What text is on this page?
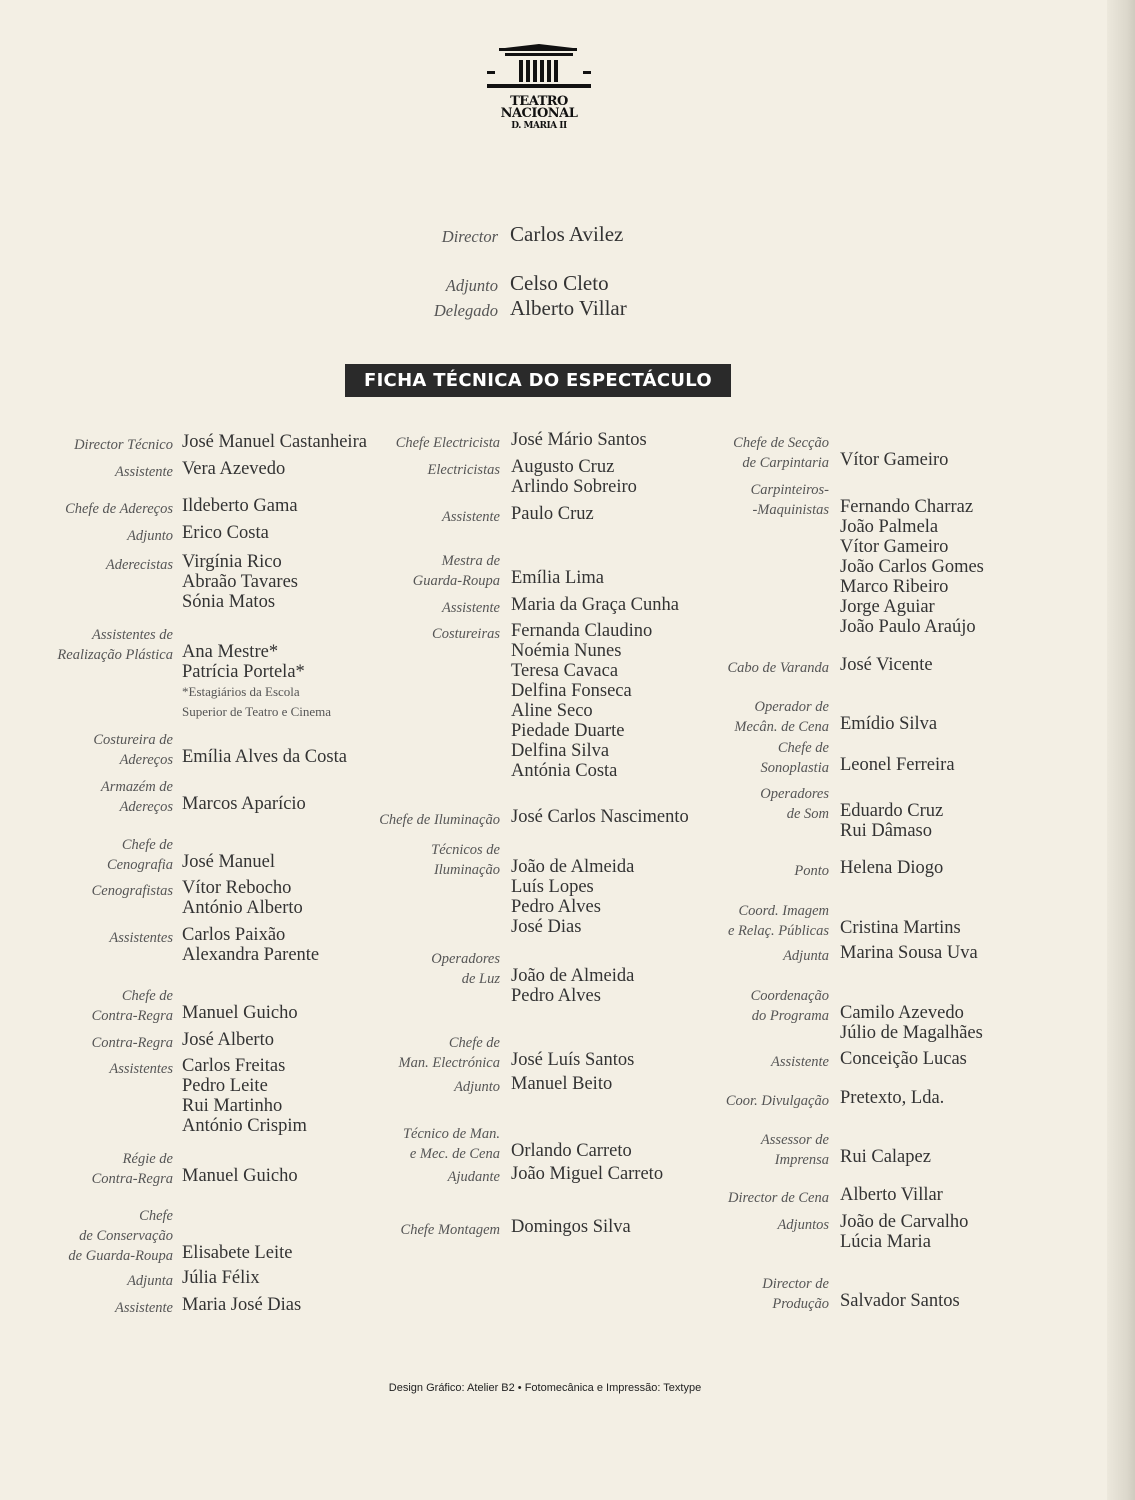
TEATRO
NACIONAL
D. MARIA II
Director Carlos Avilez
Adjunto Celso Cleto
Delegado Alberto Villar
FICHA TÉCNICA DO ESPECTÁCULO
Director Técnico José Manuel Castanheira
Assistente Vera Azevedo
Chefe de Adereços Ildeberto Gama
Adjunto Erico Costa
Aderecistas Virgínia Rico
Abraão Tavares
Sónia Matos
Assistentes de
Realização Plástica
Ana Mestre*
Patrícia Portela*
*Estagiários da Escola
Superior de Teatro e Cinema
Costureira de
Adereços
Emília Alves da Costa
Armazém de
Adereços
Marcos Aparício
Chefe de
Cenografia
José Manuel
Cenografistas Vítor Rebocho
António Alberto
Assistentes Carlos Paixão
Alexandra Parente
Chefe de
Contra-Regra
Manuel Guicho
Contra-Regra José Alberto
Assistentes Carlos Freitas
Pedro Leite
Rui Martinho
António Crispim
Régie de
Contra-Regra
Manuel Guicho
Chefe
de Conservação
de Guarda-Roupa

Elisabete Leite
Adjunta Júlia Félix
Assistente Maria José Dias
Chefe Electricista José Mário Santos
Electricistas Augusto Cruz
Arlindo Sobreiro
Assistente Paulo Cruz
Mestra de
Guarda-Roupa
Emília Lima
Assistente Maria da Graça Cunha
Costureiras Fernanda Claudino
Noémia Nunes
Teresa Cavaca
Delfina Fonseca
Aline Seco
Piedade Duarte
Delfina Silva
Antónia Costa
Chefe de Iluminação José Carlos Nascimento
Técnicos de
Iluminação
João de Almeida
Luís Lopes
Pedro Alves
José Dias
Operadores
de Luz
João de Almeida
Pedro Alves
Chefe de
Man. Electrónica
José Luís Santos
Adjunto Manuel Beito
Técnico de Man.
e Mec. de Cena
Orlando Carreto
Ajudante João Miguel Carreto
Chefe Montagem Domingos Silva
Chefe de Secção
de Carpintaria
Vítor Gameiro
Carpinteiros-
-Maquinistas
Fernando Charraz
João Palmela
Vítor Gameiro
João Carlos Gomes
Marco Ribeiro
Jorge Aguiar
João Paulo Araújo
Cabo de Varanda José Vicente
Operador de
Mecân. de Cena
Emídio Silva
Chefe de
Sonoplastia
Leonel Ferreira
Operadores
de Som
Eduardo Cruz
Rui Dâmaso
Ponto Helena Diogo
Coord. Imagem
e Relaç. Públicas
Cristina Martins
Adjunta Marina Sousa Uva
Coordenação
do Programa
Camilo Azevedo
Júlio de Magalhães
Assistente Conceição Lucas
Coor. Divulgação Pretexto, Lda.
Assessor de
Imprensa
Rui Calapez
Director de Cena Alberto Villar
Adjuntos João de Carvalho
Lúcia Maria
Director de
Produção
Salvador Santos
Design Gráfico: Atelier B2 • Fotomecânica e Impressão: Textype
